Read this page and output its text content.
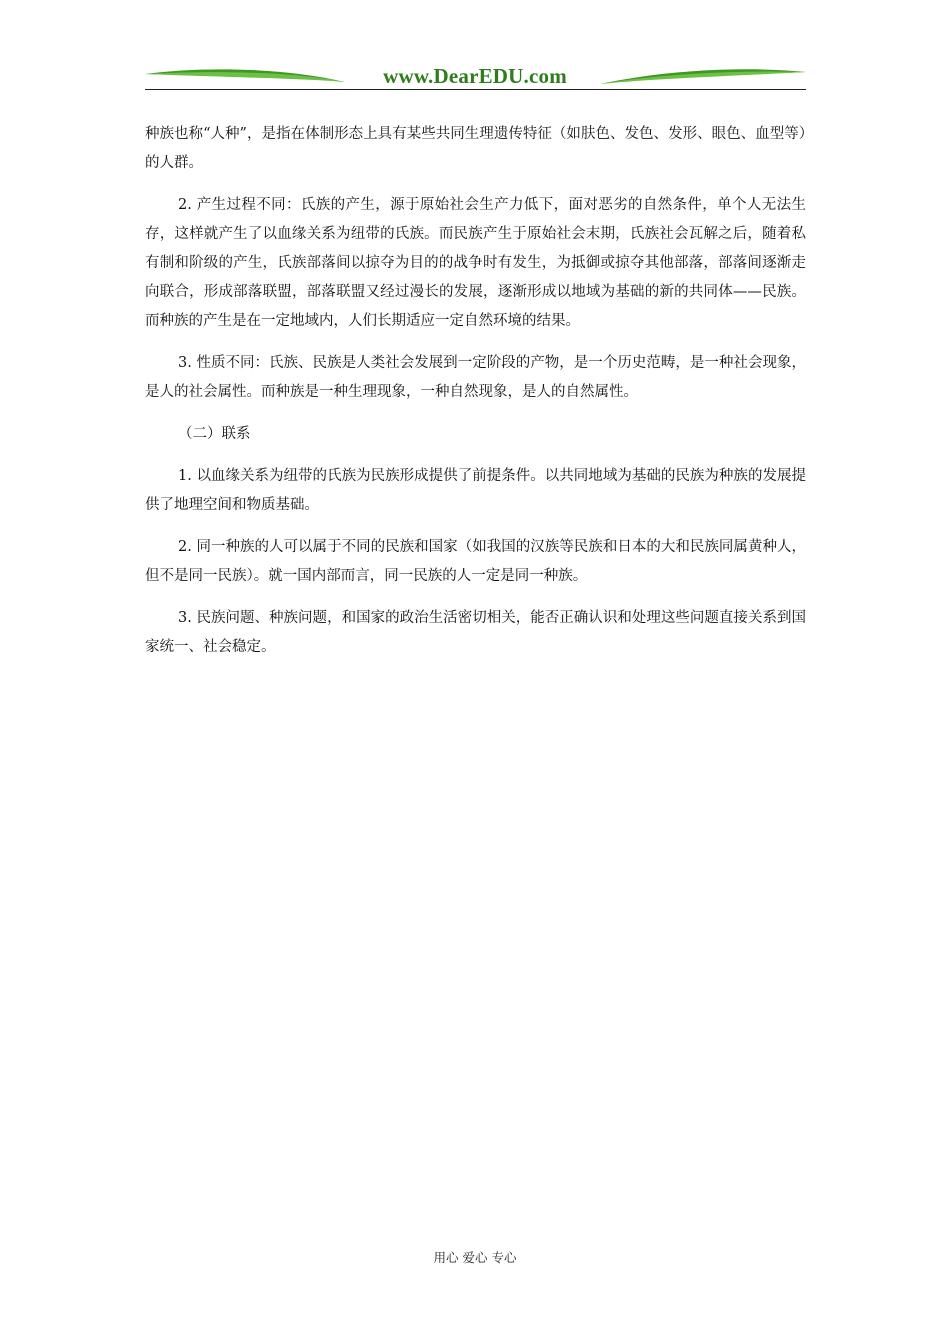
www.DearEDU.com

种族也称“人种”，是指在体制形态上具有某些共同生理遗传特征（如肤色、发色、发形、眼色、血型等）的人群。

2. 产生过程不同：氏族的产生，源于原始社会生产力低下，面对恶劣的自然条件，单个人无法生存，这样就产生了以血缘关系为纽带的氏族。而民族产生于原始社会末期，氏族社会瓦解之后，随着私有制和阶级的产生，氏族部落间以掠夺为目的的战争时有发生，为抵御或掠夺其他部落，部落间逐渐走向联合，形成部落联盟，部落联盟又经过漫长的发展，逐渐形成以地域为基础的新的共同体——民族。而种族的产生是在一定地域内，人们长期适应一定自然环境的结果。

3. 性质不同：氏族、民族是人类社会发展到一定阶段的产物，是一个历史范畴，是一种社会现象，是人的社会属性。而种族是一种生理现象，一种自然现象，是人的自然属性。

（二）联系

1. 以血缘关系为纽带的氏族为民族形成提供了前提条件。以共同地域为基础的民族为种族的发展提供了地理空间和物质基础。

2. 同一种族的人可以属于不同的民族和国家（如我国的汉族等民族和日本的大和民族同属黄种人，但不是同一民族）。就一国内部而言，同一民族的人一定是同一种族。

3. 民族问题、种族问题，和国家的政治生活密切相关，能否正确认识和处理这些问题直接关系到国家统一、社会稳定。

用心 爱心 专心
